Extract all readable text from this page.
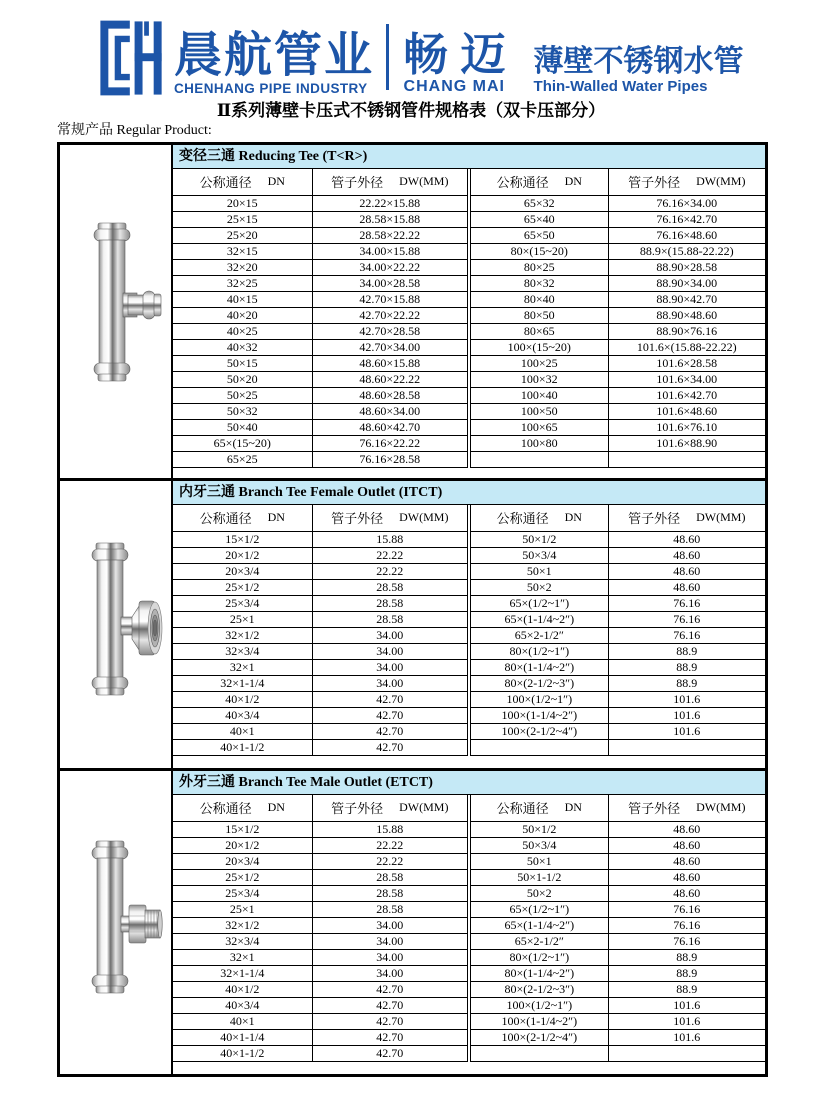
晨航管业
CHENHANG PIPE INDUSTRY
畅 迈
CHANG MAI
薄壁不锈钢水管
Thin-Walled Water Pipes
Ⅱ系列薄壁卡压式不锈钢管件规格表（双卡压部分）
常规产品 Regular Product:
变径三通 Reducing Tee (T<R>)
公称通径 DN	管子外径 DW(MM)	公称通径 DN	管子外径 DW(MM)

20×15	22.22×15.88	65×32	76.16×34.00
25×15	28.58×15.88	65×40	76.16×42.70
25×20	28.58×22.22	65×50	76.16×48.60
32×15	34.00×15.88	80×(15~20)	88.9×(15.88-22.22)
32×20	34.00×22.22	80×25	88.90×28.58
32×25	34.00×28.58	80×32	88.90×34.00
40×15	42.70×15.88	80×40	88.90×42.70
40×20	42.70×22.22	80×50	88.90×48.60
40×25	42.70×28.58	80×65	88.90×76.16
40×32	42.70×34.00	100×(15~20)	101.6×(15.88-22.22)
50×15	48.60×15.88	100×25	101.6×28.58
50×20	48.60×22.22	100×32	101.6×34.00
50×25	48.60×28.58	100×40	101.6×42.70
50×32	48.60×34.00	100×50	101.6×48.60
50×40	48.60×42.70	100×65	101.6×76.10
65×(15~20)	76.16×22.22	100×80	101.6×88.90
65×25	76.16×28.58		
内牙三通 Branch Tee Female Outlet (ITCT)
公称通径 DN	管子外径 DW(MM)	公称通径 DN	管子外径 DW(MM)

15×1/2	15.88	50×1/2	48.60
20×1/2	22.22	50×3/4	48.60
20×3/4	22.22	50×1	48.60
25×1/2	28.58	50×2	48.60
25×3/4	28.58	65×(1/2~1″)	76.16
25×1	28.58	65×(1-1/4~2″)	76.16
32×1/2	34.00	65×2-1/2″	76.16
32×3/4	34.00	80×(1/2~1″)	88.9
32×1	34.00	80×(1-1/4~2″)	88.9
32×1-1/4	34.00	80×(2-1/2~3″)	88.9
40×1/2	42.70	100×(1/2~1″)	101.6
40×3/4	42.70	100×(1-1/4~2″)	101.6
40×1	42.70	100×(2-1/2~4″)	101.6
40×1-1/2	42.70		
外牙三通 Branch Tee Male Outlet (ETCT)
公称通径 DN	管子外径 DW(MM)	公称通径 DN	管子外径 DW(MM)

15×1/2	15.88	50×1/2	48.60
20×1/2	22.22	50×3/4	48.60
20×3/4	22.22	50×1	48.60
25×1/2	28.58	50×1-1/2	48.60
25×3/4	28.58	50×2	48.60
25×1	28.58	65×(1/2~1″)	76.16
32×1/2	34.00	65×(1-1/4~2″)	76.16
32×3/4	34.00	65×2-1/2″	76.16
32×1	34.00	80×(1/2~1″)	88.9
32×1-1/4	34.00	80×(1-1/4~2″)	88.9
40×1/2	42.70	80×(2-1/2~3″)	88.9
40×3/4	42.70	100×(1/2~1″)	101.6
40×1	42.70	100×(1-1/4~2″)	101.6
40×1-1/4	42.70	100×(2-1/2~4″)	101.6
40×1-1/2	42.70		
